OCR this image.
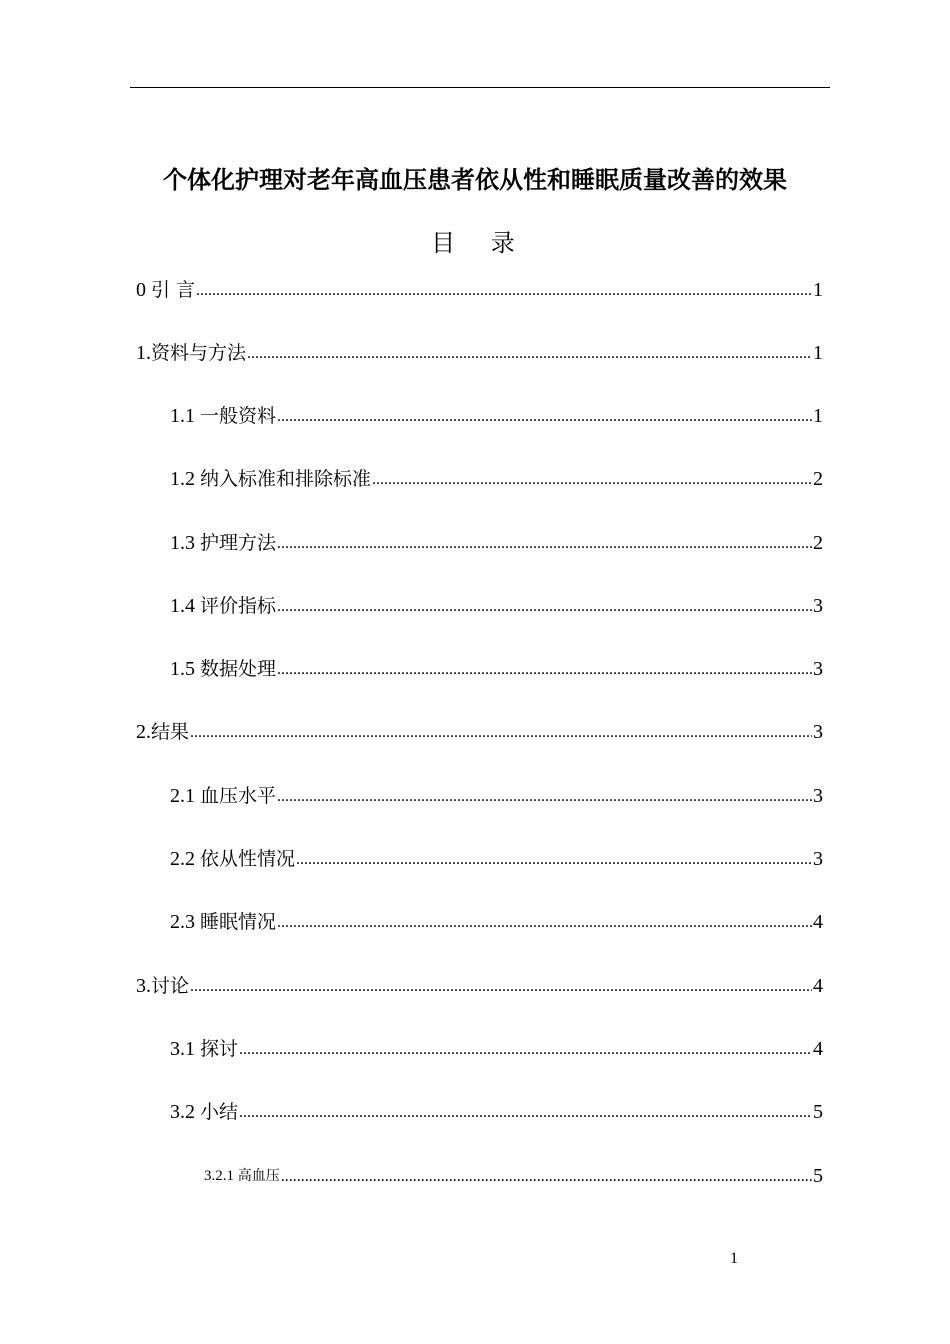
个体化护理对老年高血压患者依从性和睡眠质量改善的效果
目 录
0 引 言 .....	1
1. 资料与方法 .....	1
1.1 一般资料 .....	1
1.2 纳入标准和排除标准 .....	2
1.3 护理方法 .....	2
1.4 评价指标 .....	3
1.5 数据处理 .....	3
2. 结果 .....	3
2.1 血压水平 .....	3
2.2 依从性情况 .....	3
2.3 睡眠情况 .....	4
3. 讨论 .....	4
3.1 探讨 .....	4
3.2 小结 .....	5
3.2.1 高血压 .....	5
1
